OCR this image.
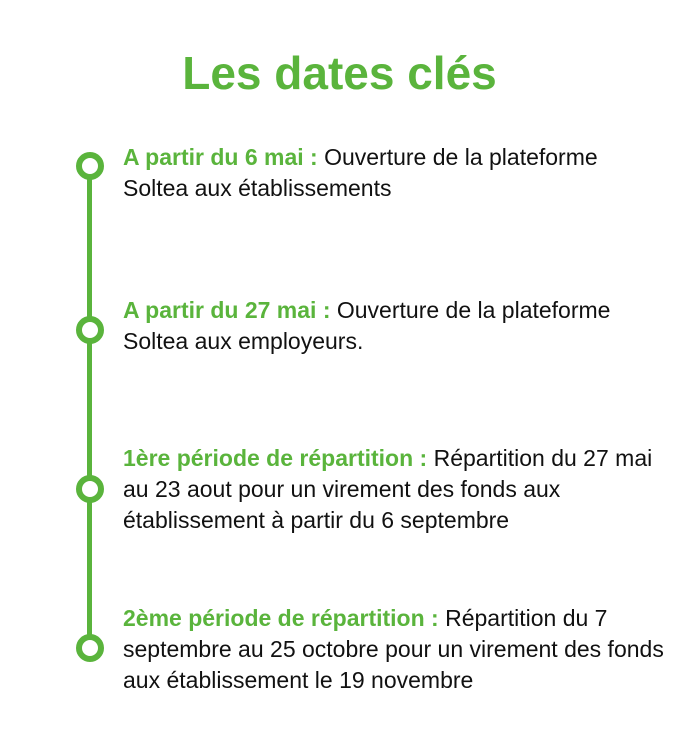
Les dates clés
A partir du 6 mai : Ouverture de la plateforme Soltea aux établissements
A partir du 27 mai : Ouverture de la plateforme Soltea aux employeurs.
1ère période de répartition : Répartition du 27 mai au 23 aout pour un virement des fonds aux établissement à partir du 6 septembre
2ème période de répartition : Répartition du 7 septembre au 25 octobre pour un virement des fonds aux établissement le 19 novembre
